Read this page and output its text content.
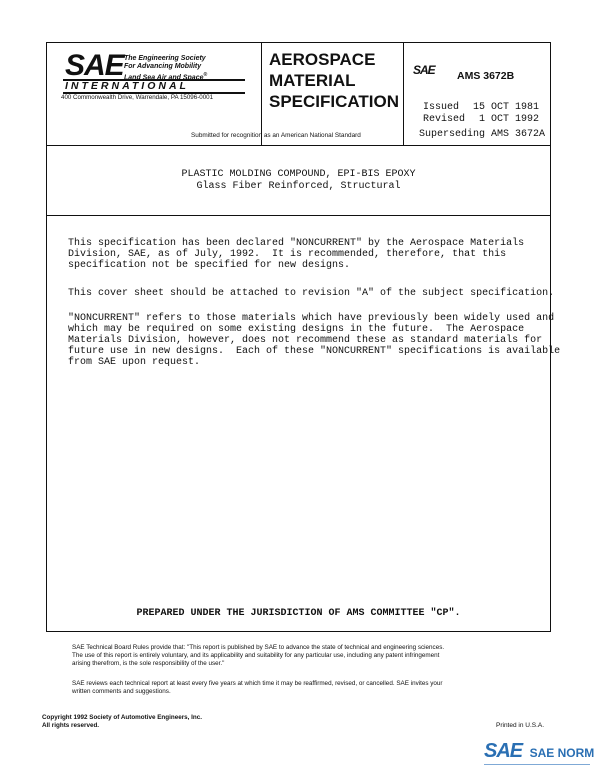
SAE The Engineering Society
For Advancing Mobility
Land Sea Air and Space®
INTERNATIONAL
400 Commonwealth Drive, Warrendale, PA 15096-0001
AEROSPACE
MATERIAL
SPECIFICATION
Submitted for recognition as an American National Standard
SAE AMS 3672B
Issued 15 OCT 1981
Revised 1 OCT 1992
Superseding AMS 3672A
PLASTIC MOLDING COMPOUND, EPI-BIS EPOXY
Glass Fiber Reinforced, Structural
This specification has been declared "NONCURRENT" by the Aerospace Materials
Division, SAE, as of July, 1992.  It is recommended, therefore, that this
specification not be specified for new designs.
This cover sheet should be attached to revision "A" of the subject specification.
"NONCURRENT" refers to those materials which have previously been widely used and
which may be required on some existing designs in the future.  The Aerospace
Materials Division, however, does not recommend these as standard materials for
future use in new designs.  Each of these "NONCURRENT" specifications is available
from SAE upon request.
PREPARED UNDER THE JURISDICTION OF AMS COMMITTEE "CP".
SAE Technical Board Rules provide that: "This report is published by SAE to advance the state of technical and engineering sciences.
The use of this report is entirely voluntary, and its applicability and suitability for any particular use, including any patent infringement
arising therefrom, is the sole responsibility of the user."
SAE reviews each technical report at least every five years at which time it may be reaffirmed, revised, or cancelled. SAE invites your
written comments and suggestions.
Copyright 1992 Society of Automotive Engineers, Inc.
All rights reserved.	Printed in U.S.A.
SAE SAE NORM
